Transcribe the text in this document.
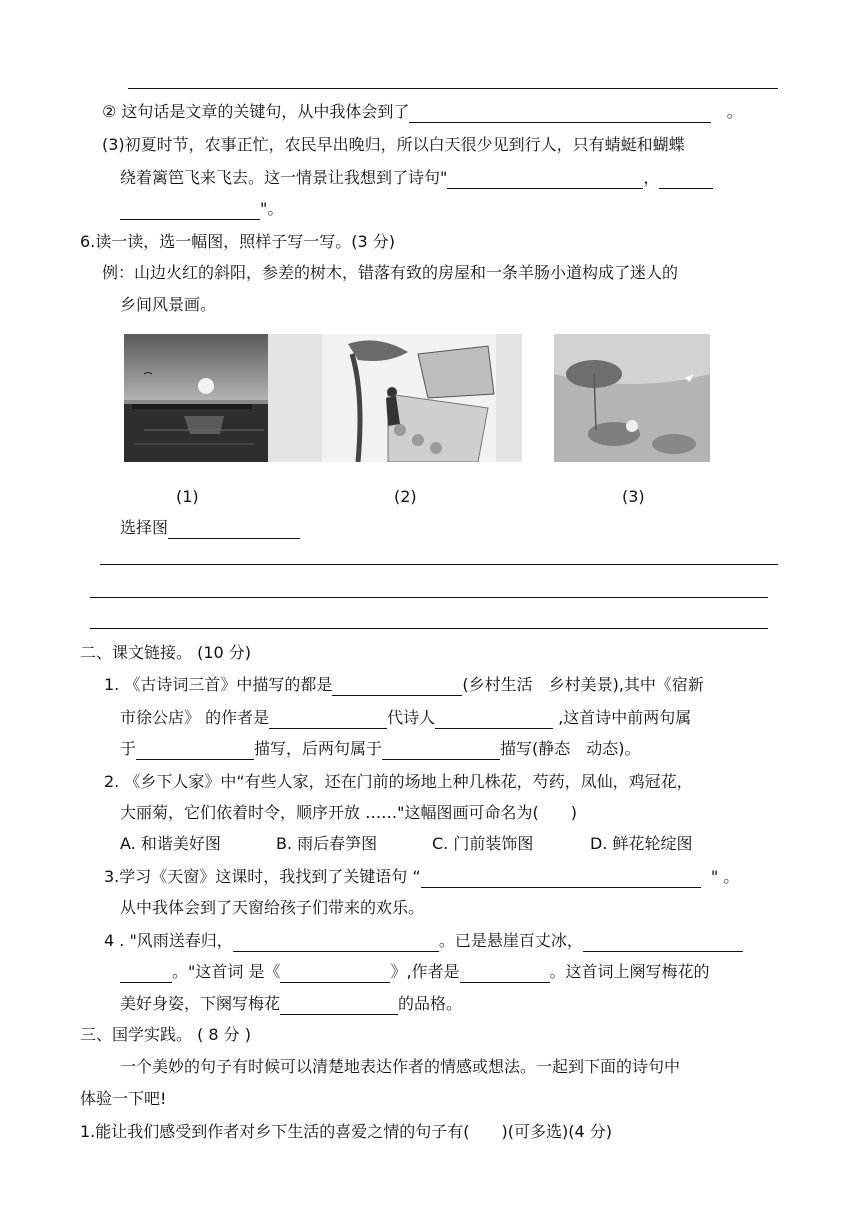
② 这句话是文章的关键句，从中我体会到了	。
(3)初夏时节，农事正忙，农民早出晚归，所以白天很少见到行人，只有蜻蜓和蝴蝶
绕着篱笆飞来飞去。这一情景让我想到了诗句"	，
"。
6.读一读，选一幅图，照样子写一写。(3 分)
例：山边火红的斜阳，参差的树木，错落有致的房屋和一条羊肠小道构成了迷人的
乡间风景画。
(1)	(2)	(3)
选择图
二、课文链接。 (10 分)
1. 《古诗词三首》中描写的都是	(乡村生活　乡村美景),其中《宿新
市徐公店》 的作者是	代诗人	,这首诗中前两句属
于	描写，后两句属于	描写(静态　动态)。
2. 《乡下人家》中“有些人家，还在门前的场地上种几株花，芍药，凤仙，鸡冠花，
大丽菊，它们依着时令，顺序开放 ……"这幅图画可命名为(　　)
A. 和谐美好图	B. 雨后春笋图	C. 门前装饰图	D. 鲜花轮绽图
3.学习《天窗》这课时，我找到了关键语句 “	" 。
从中我体会到了天窗给孩子们带来的欢乐。
4 . "风雨送春归，	。已是悬崖百丈冰，
。"这首词 是《	》,作者是	。这首词上阕写梅花的
美好身姿，下阕写梅花	的品格。
三、国学实践。 ( 8 分 )
一个美妙的句子有时候可以清楚地表达作者的情感或想法。一起到下面的诗句中
体验一下吧!
1.能让我们感受到作者对乡下生活的喜爱之情的句子有(　　)(可多选)(4 分)
